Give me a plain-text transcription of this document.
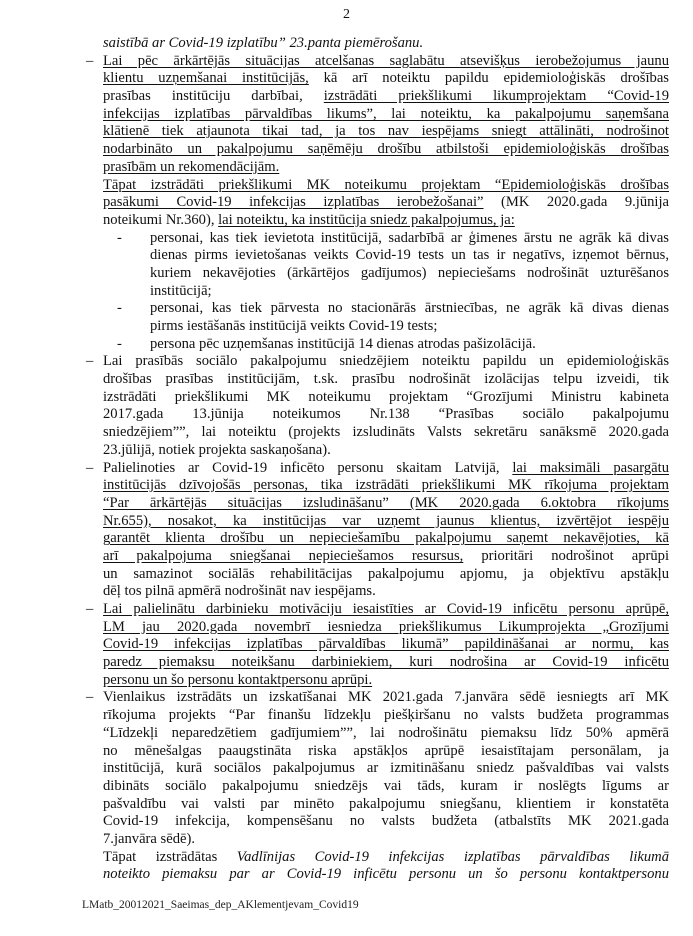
2
saistībā ar Covid-19 izplatību” 23.panta piemērošanu.
– Lai pēc ārkārtējās situācijas atcelšanas saglabātu atsevišķus ierobežojumus jaunu
klientu uzņemšanai institūcijās, kā arī noteiktu papildu epidemioloģiskās drošības
prasības institūciju darbībai, izstrādāti priekšlikumi likumprojektam “Covid-19
infekcijas izplatības pārvaldības likums”, lai noteiktu, ka pakalpojumu saņemšana
klātienē tiek atjaunota tikai tad, ja tos nav iespējams sniegt attālināti, nodrošinot
nodarbināto un pakalpojumu saņēmēju drošību atbilstoši epidemioloģiskās drošības
prasībām un rekomendācijām.
Tāpat izstrādāti priekšlikumi MK noteikumu projektam “Epidemioloģiskās drošības
pasākumi Covid-19 infekcijas izplatības ierobežošanai” (MK 2020.gada 9.jūnija
noteikumi Nr.360), lai noteiktu, ka institūcija sniedz pakalpojumus, ja:
- personai, kas tiek ievietota institūcijā, sadarbībā ar ģimenes ārstu ne agrāk kā divas
dienas pirms ievietošanas veikts Covid-19 tests un tas ir negatīvs, izņemot bērnus,
kuriem nekavējoties (ārkārtējos gadījumos) nepieciešams nodrošināt uzturēšanos
institūcijā;
- personai, kas tiek pārvesta no stacionārās ārstniecības, ne agrāk kā divas dienas
pirms iestāšanās institūcijā veikts Covid-19 tests;
- persona pēc uzņemšanas institūcijā 14 dienas atrodas pašizolācijā.
– Lai prasībās sociālo pakalpojumu sniedzējiem noteiktu papildu un epidemioloģiskās
drošības prasības institūcijām, t.sk. prasību nodrošināt izolācijas telpu izveidi, tik
izstrādāti priekšlikumi MK noteikumu projektam “Grozījumi Ministru kabineta
2017.gada 13.jūnija noteikumos Nr.138 “Prasības sociālo pakalpojumu
sniedzējiem””, lai noteiktu (projekts izsludināts Valsts sekretāru sanāksmē 2020.gada
23.jūlijā, notiek projekta saskaņošana).
– Palielinoties ar Covid-19 inficēto personu skaitam Latvijā, lai maksimāli pasargātu
institūcijās dzīvojošās personas, tika izstrādāti priekšlikumi MK rīkojuma projektam
“Par ārkārtējās situācijas izsludināšanu” (MK 2020.gada 6.oktobra rīkojums
Nr.655), nosakot, ka institūcijas var uzņemt jaunus klientus, izvērtējot iespēju
garantēt klienta drošību un nepieciešamību pakalpojumu saņemt nekavējoties, kā
arī pakalpojuma sniegšanai nepieciešamos resursus, prioritāri nodrošinot aprūpi
un samazinot sociālās rehabilitācijas pakalpojumu apjomu, ja objektīvu apstākļu
dēļ tos pilnā apmērā nodrošināt nav iespējams.
– Lai palielinātu darbinieku motivāciju iesaistīties ar Covid-19 inficētu personu aprūpē,
LM jau 2020.gada novembrī iesniedza priekšlikumus Likumprojekta „Grozījumi
Covid-19 infekcijas izplatības pārvaldības likumā” papildināšanai ar normu, kas
paredz piemaksu noteikšanu darbiniekiem, kuri nodrošina ar Covid-19 inficētu
personu un šo personu kontaktpersonu aprūpi.
– Vienlaikus izstrādāts un izskatīšanai MK 2021.gada 7.janvāra sēdē iesniegts arī MK
rīkojuma projekts “Par finanšu līdzekļu piešķiršanu no valsts budžeta programmas
“Līdzekļi neparedzētiem gadījumiem””, lai nodrošinātu piemaksu līdz 50% apmērā
no mēnešalgas paaugstināta riska apstākļos aprūpē iesaistītajam personālam, ja
institūcijā, kurā sociālos pakalpojumus ar izmitināšanu sniedz pašvaldības vai valsts
dibināts sociālo pakalpojumu sniedzējs vai tāds, kuram ir noslēgts līgums ar
pašvaldību vai valsti par minēto pakalpojumu sniegšanu, klientiem ir konstatēta
Covid-19 infekcija, kompensēšanu no valsts budžeta (atbalstīts MK 2021.gada
7.janvāra sēdē).
Tāpat izstrādātas Vadlīnijas Covid-19 infekcijas izplatības pārvaldības likumā
noteikto piemaksu par ar Covid-19 inficētu personu un šo personu kontaktpersonu
LMatb_20012021_Saeimas_dep_AKlementjevam_Covid19
